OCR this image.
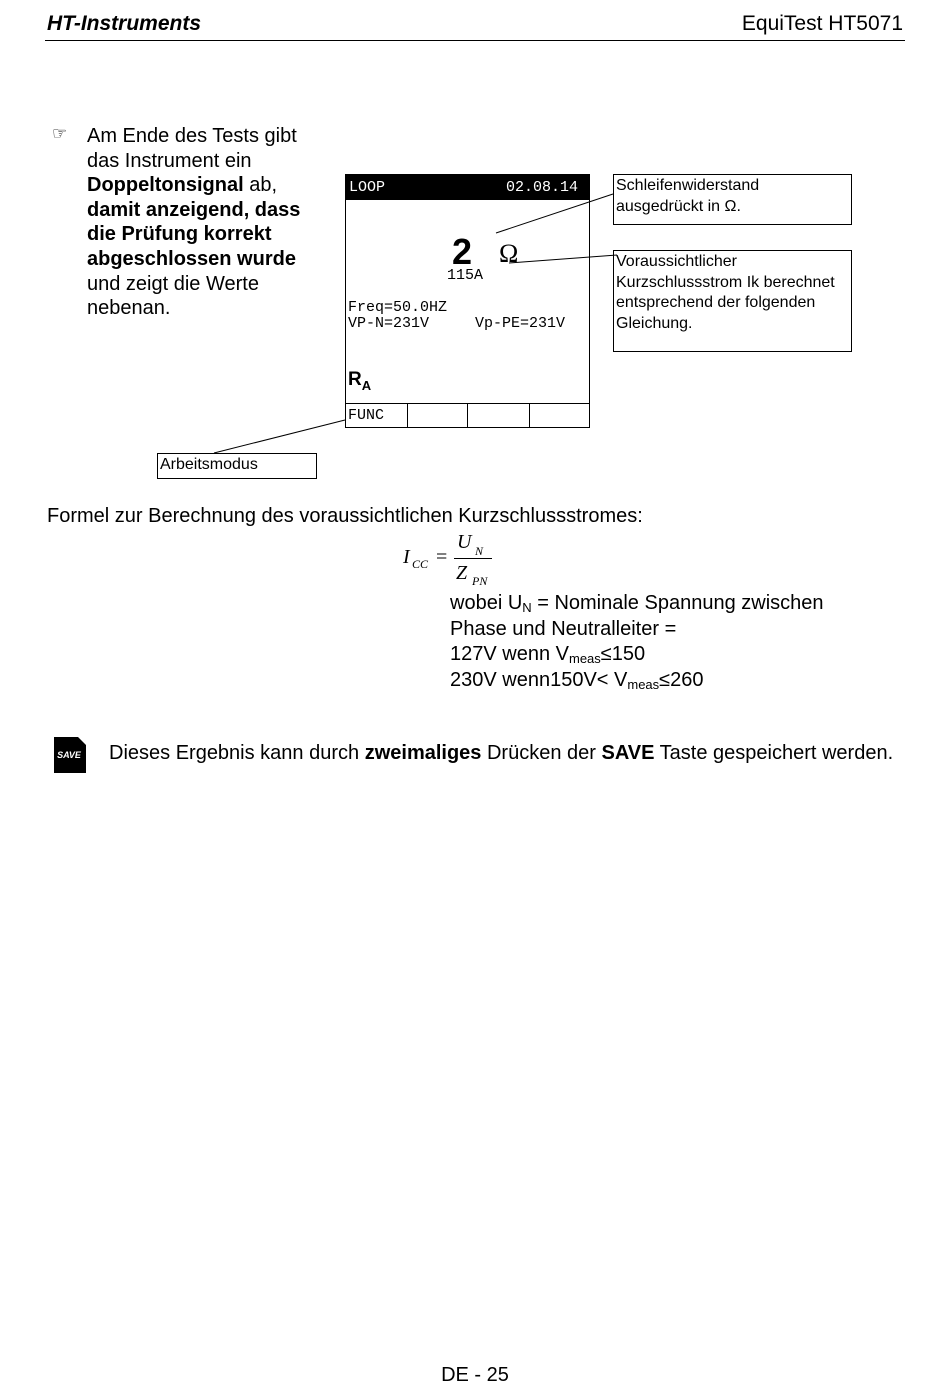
HT-Instruments	EquiTest HT5071
☞ Am Ende des Tests gibt das Instrument ein Doppeltonsignal ab, damit anzeigend, dass die Prüfung korrekt abgeschlossen wurde und zeigt die Werte nebenan.
LOOP	02.08.14
2 Ω
115A
Freq=50.0HZ
VP-N=231V	Vp-PE=231V
$R_A$
FUNC
Schleifenwiderstand ausgedrückt in Ω.
Voraussichtlicher Kurzschlussstrom Ik berechnet entsprechend der folgenden Gleichung.
Arbeitsmodus
Formel zur Berechnung des voraussichtlichen Kurzschlussstromes:
I CC =
U N
Z PN
wobei $U_N$ = Nominale Spannung zwischen
Phase und Neutralleiter =
127V wenn $V_{meas}\le 150$
230V wenn150V< $V_{meas}\le 260$
SAVE Dieses Ergebnis kann durch zweimaliges Drücken der SAVE Taste gespeichert werden.
DE - 25
